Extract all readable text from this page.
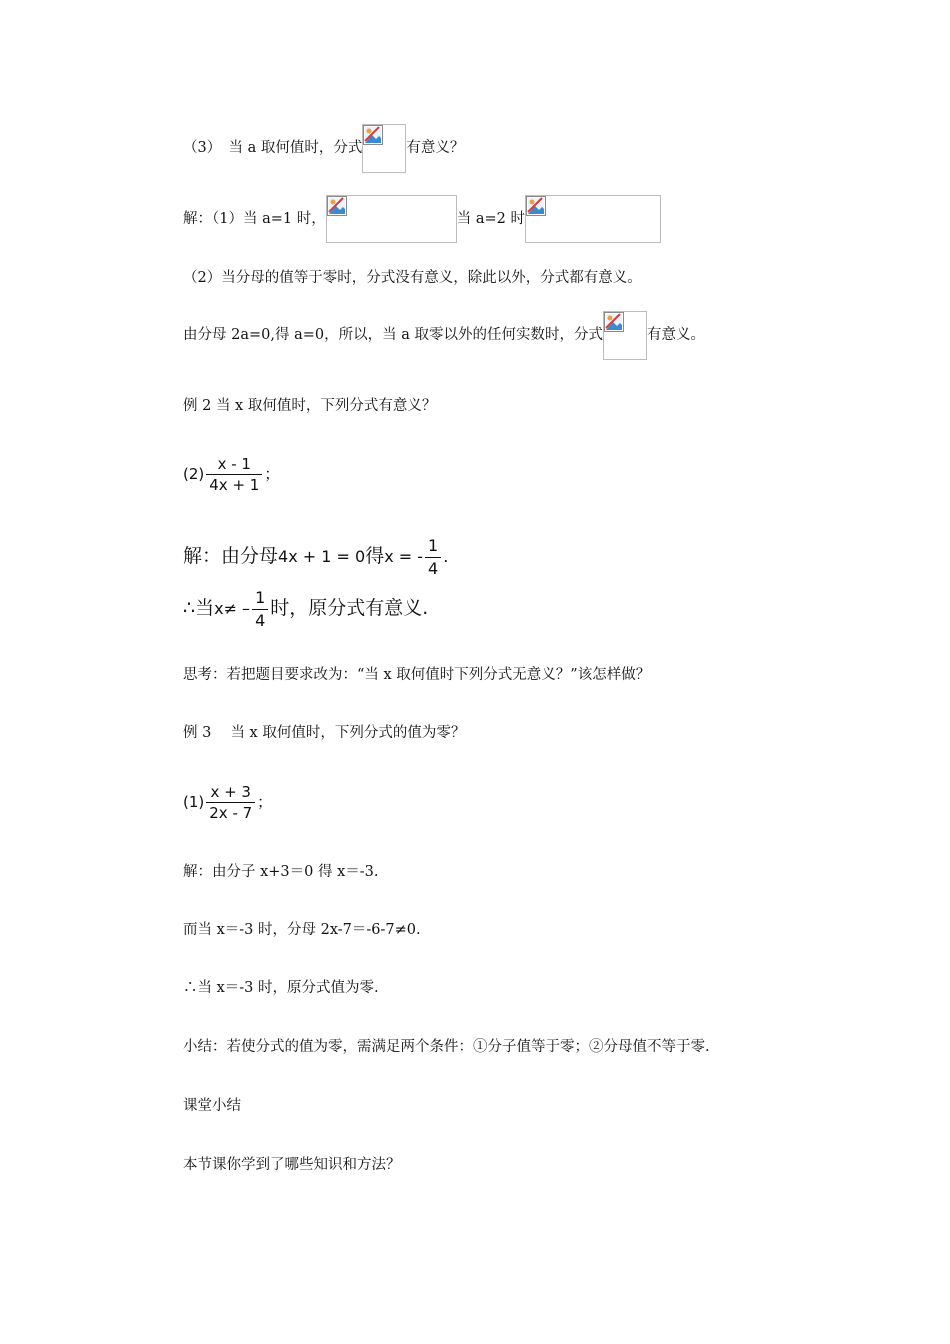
（3）　当 a 取何值时，分式	有意义？
解：（1）当 a=1 时，	当 a=2 时
（2）当分母的值等于零时，分式没有意义，除此以外，分式都有意义。
由分母 2a=0,得 a=0，所以，当 a 取零以外的任何实数时，分式	有意义。
例 2 当 x 取何值时，下列分式有意义？
$(2) \frac{x - 1}{4x + 1}$ ；
解：由分母4x + 1 = 0得x = - $\frac{1}{4}$ .
∴当$x\ne - \frac{1}{4}$ 时，原分式有意义.
思考：若把题目要求改为：“当 x 取何值时下列分式无意义？”该怎样做？
例 3　 当 x 取何值时，下列分式的值为零？
$(1) \frac{x + 3}{2x - 7}$ ；
解：由分子 x+3＝0 得 x＝-3.
而当 x＝-3 时，分母 2x-7＝-6-7≠0.
∴当 x＝-3 时，原分式值为零.
小结：若使分式的值为零，需满足两个条件：①分子值等于零；②分母值不等于零.
课堂小结
本节课你学到了哪些知识和方法？
